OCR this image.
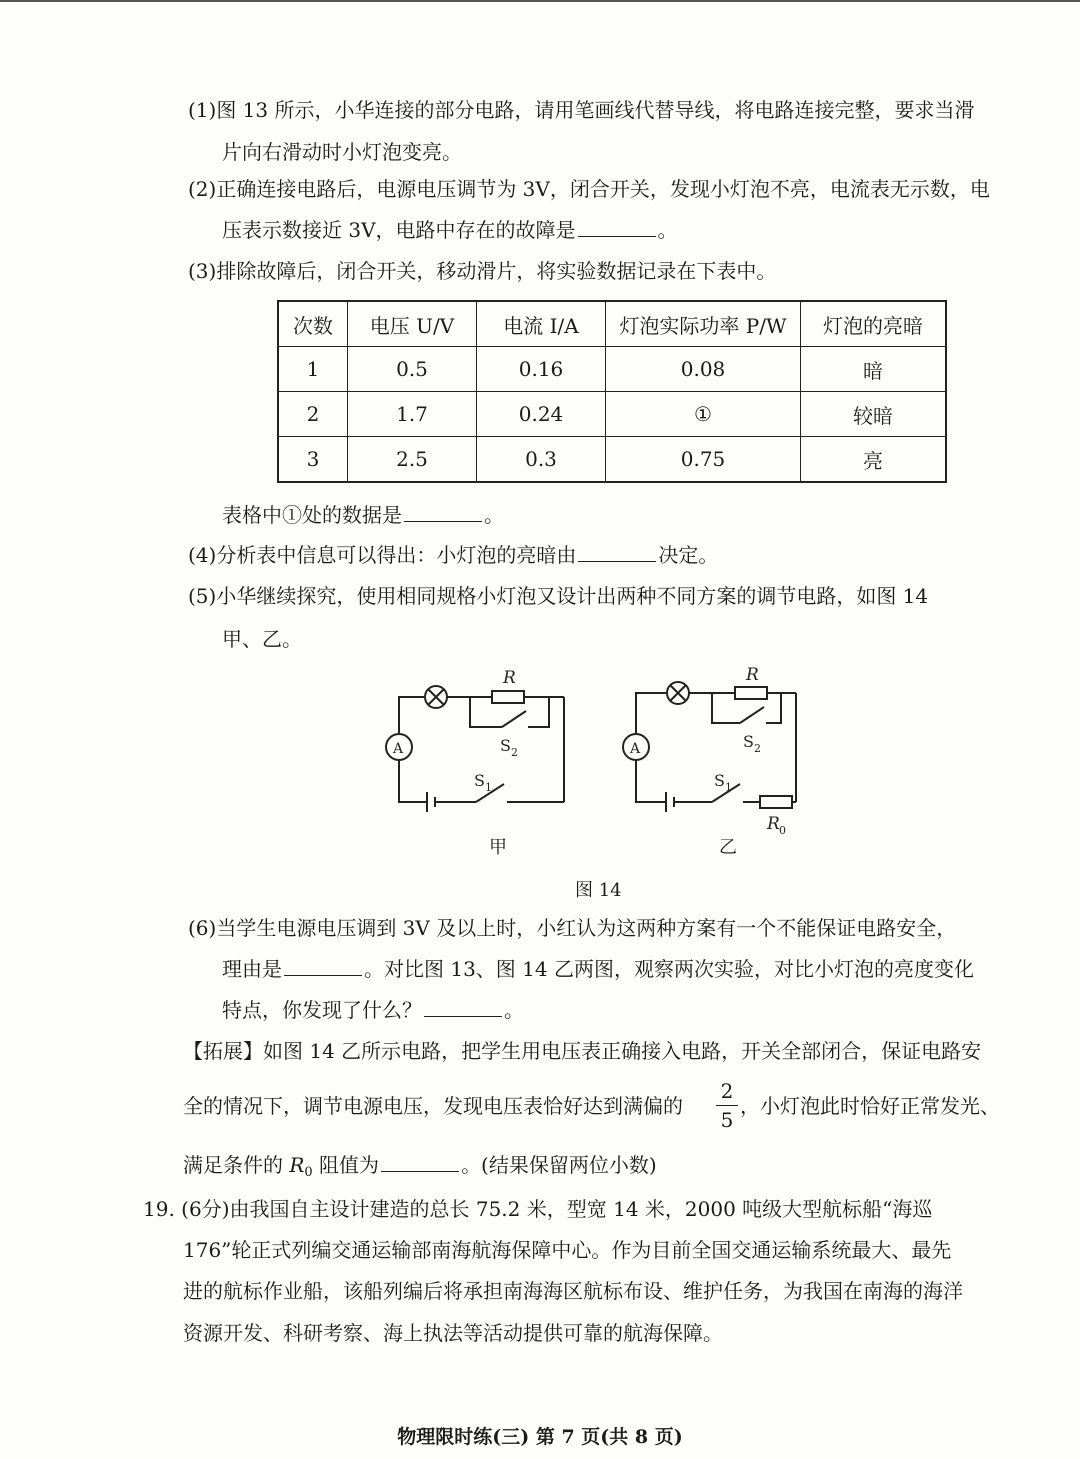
(1)图 13 所示，小华连接的部分电路，请用笔画线代替导线，将电路连接完整，要求当滑
片向右滑动时小灯泡变亮。
(2)正确连接电路后，电源电压调节为 3V，闭合开关，发现小灯泡不亮，电流表无示数，电
压表示数接近 3V，电路中存在的故障是	。
(3)排除故障后，闭合开关，移动滑片，将实验数据记录在下表中。
次数	电压 U/V	电流 I/A	灯泡实际功率 P/W	灯泡的亮暗
1	0.5	0.16	0.08	暗
2	1.7	0.24	①	较暗
3	2.5	0.3	0.75	亮
表格中①处的数据是	。
(4)分析表中信息可以得出：小灯泡的亮暗由	决定。
(5)小华继续探究，使用相同规格小灯泡又设计出两种不同方案的调节电路，如图 14
甲、乙。
R	R
S 2
S 2
S 1	S 1
A	A
R 0
甲	乙
图 14
(6)当学生电源电压调到 3V 及以上时，小红认为这两种方案有一个不能保证电路安全，
理由是	。对比图 13、图 14 乙两图，观察两次实验，对比小灯泡的亮度变化
特点，你发现了什么？	。
【拓展】如图 14 乙所示电路，把学生用电压表正确接入电路，开关全部闭合，保证电路安
全的情况下，调节电源电压，发现电压表恰好达到满偏的
2
5
，小灯泡此时恰好正常发光、
满足条件的 $R_0$ 阻值为	。(结果保留两位小数)
19. (6分)由我国自主设计建造的总长 75.2 米，型宽 14 米，2000 吨级大型航标船“海巡
176”轮正式列编交通运输部南海航海保障中心。作为目前全国交通运输系统最大、最先
进的航标作业船，该船列编后将承担南海海区航标布设、维护任务，为我国在南海的海洋
资源开发、科研考察、海上执法等活动提供可靠的航海保障。
物理限时练(三) 第 7 页(共 8 页)
